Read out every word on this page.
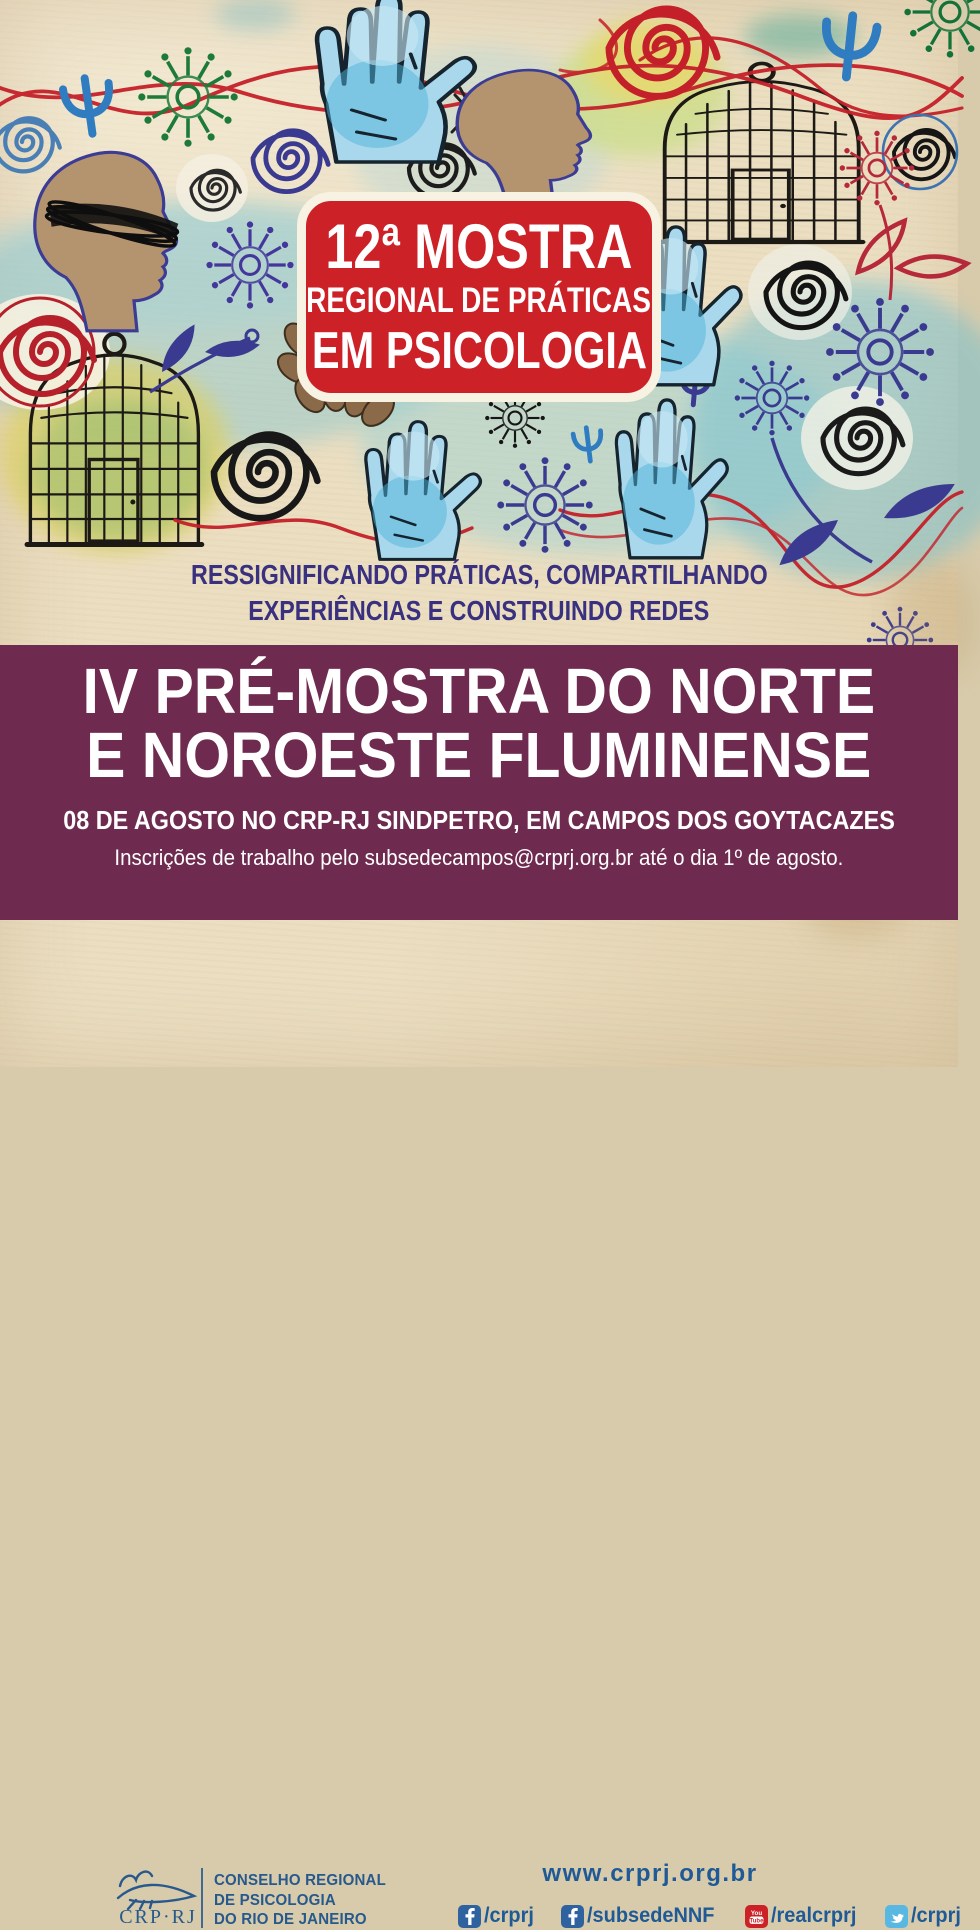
12ª MOSTRA
REGIONAL DE PRÁTICAS
EM PSICOLOGIA
RESSIGNIFICANDO PRÁTICAS, COMPARTILHANDO
EXPERIÊNCIAS E CONSTRUINDO REDES
IV PRÉ-MOSTRA DO NORTE
E NOROESTE FLUMINENSE
08 DE AGOSTO NO CRP-RJ SINDPETRO, EM CAMPOS DOS GOYTACAZES
Inscrições de trabalho pelo subsedecampos@crprj.org.br até o dia 1º de agosto.
CRP·RJ
CONSELHO REGIONAL
DE PSICOLOGIA
DO RIO DE JANEIRO
www.crprj.org.br
/crprj	/subsedeNNF	You
Tube /realcrprj	/crprj
